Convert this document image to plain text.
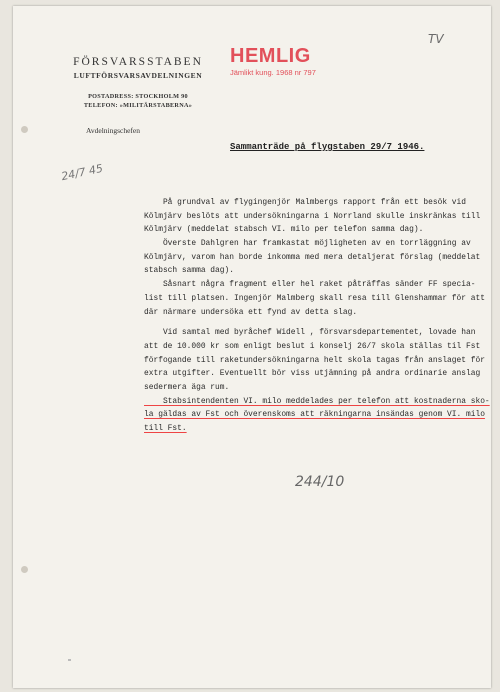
FÖRSVARSSTABEN
LUFTFÖRSVARSAVDELNINGEN
POSTADRESS: STOCKHOLM 90
TELEFON: »MILITÄRSTABERNA»
Avdelningschefen
HEMLIG
Jämlikt kung. 1968 nr 797
TV
24/7 45
244/10
Sammanträde på flygstaben 29/7 1946.
På grundval av flygingenjör Malmbergs rapport från ett besök vid
Kölmjärv beslöts att undersökningarna i Norrland skulle inskränkas till
Kölmjärv (meddelat stabsch VI. milo per telefon samma dag).
Överste Dahlgren har framkastat möjligheten av en torrläggning av
Kölmjärv, varom han borde inkomma med mera detaljerat förslag (meddelat
stabsch samma dag).
Såsnart några fragment eller hel raket påträffas sänder FF specia-
list till platsen. Ingenjör Malmberg skall resa till Glenshammar för att
där närmare undersöka ett fynd av detta slag.
Vid samtal med byråchef Widell , försvarsdepartementet, lovade han
att de 10.000 kr som enligt beslut i konselj 26/7 skola ställas til Fst
förfogande till raketundersökningarna helt skola tagas från anslaget för
extra utgifter. Eventuellt bör viss utjämning på andra ordinarie anslag
sedermera äga rum.
Stabsintendenten VI. milo meddelades per telefon att kostnaderna sko-
la gäldas av Fst och överenskoms att räkningarna insändas genom VI. milo
till Fst.
